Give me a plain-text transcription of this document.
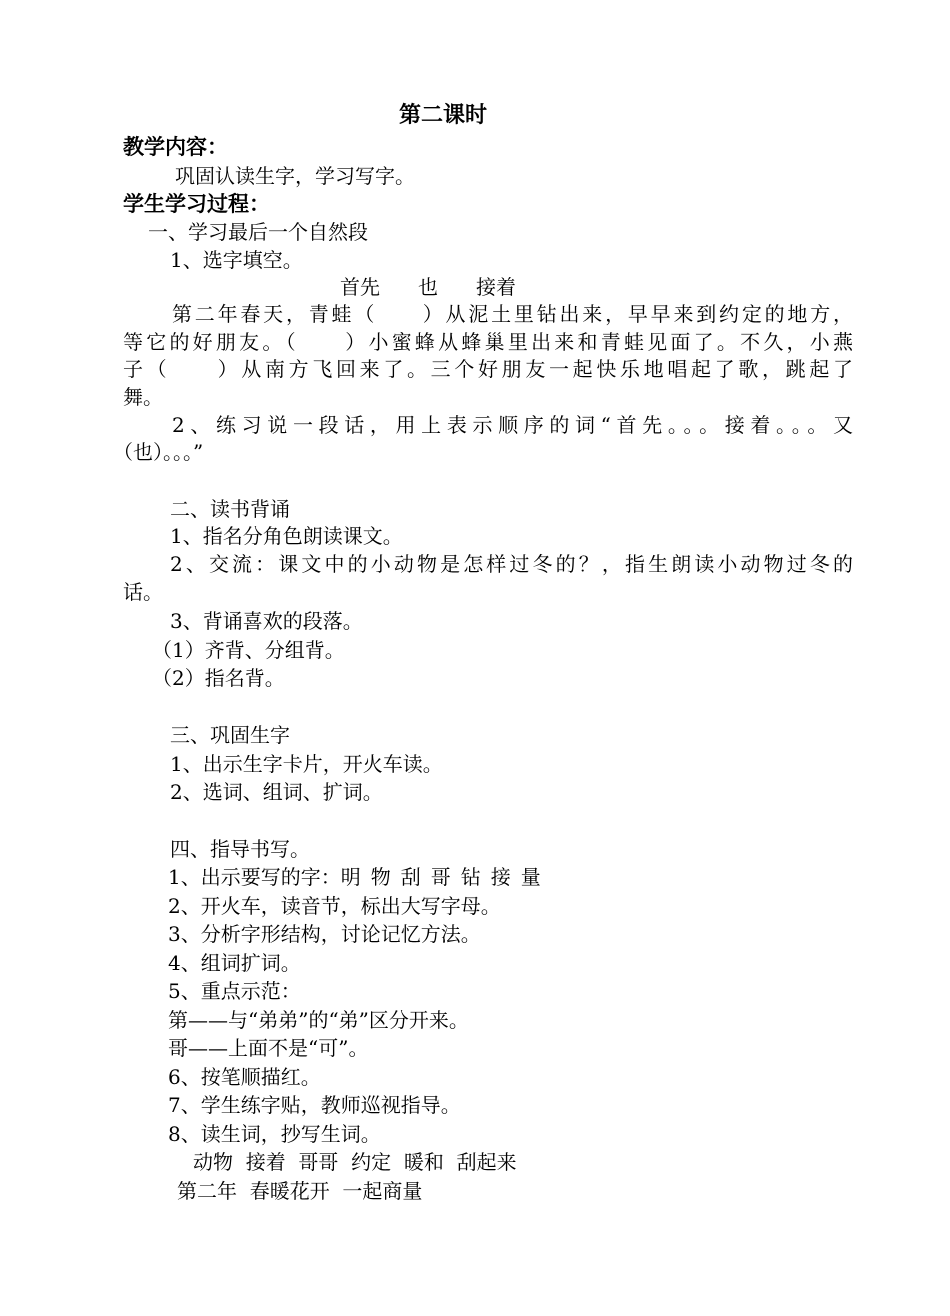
第二课时
教学内容：
巩固认读生字，学习写字。
学生学习过程：
一、学习最后一个自然段
1、选字填空。
首先 也 接着
第二年春天，青蛙（　　）从泥土里钻出来，早早来到约定的地方，
等它的好朋友。（　　）小蜜蜂从蜂巢里出来和青蛙见面了。不久，小燕
子（　　）从南方飞回来了。三个好朋友一起快乐地唱起了歌，跳起了
舞。
2、练习说一段话，用上表示顺序的词“首先。。。接着。。。又
（也）。。。”
二、读书背诵
1、指名分角色朗读课文。
2、交流：课文中的小动物是怎样过冬的？，指生朗读小动物过冬的
话。
3、背诵喜欢的段落。
（1）齐背、分组背。
（2）指名背。
三、巩固生字
1、出示生字卡片，开火车读。
2、选词、组词、扩词。
四、指导书写。
1、出示要写的字：明 物 刮 哥 钻 接 量
2、开火车，读音节，标出大写字母。
3、分析字形结构，讨论记忆方法。
4、组词扩词。
5、重点示范：
第——与“弟弟”的“弟”区分开来。
哥——上面不是“可”。
6、按笔顺描红。
7、学生练字贴，教师巡视指导。
8、读生词，抄写生词。
动物  接着  哥哥  约定  暖和  刮起来
第二年  春暖花开  一起商量
